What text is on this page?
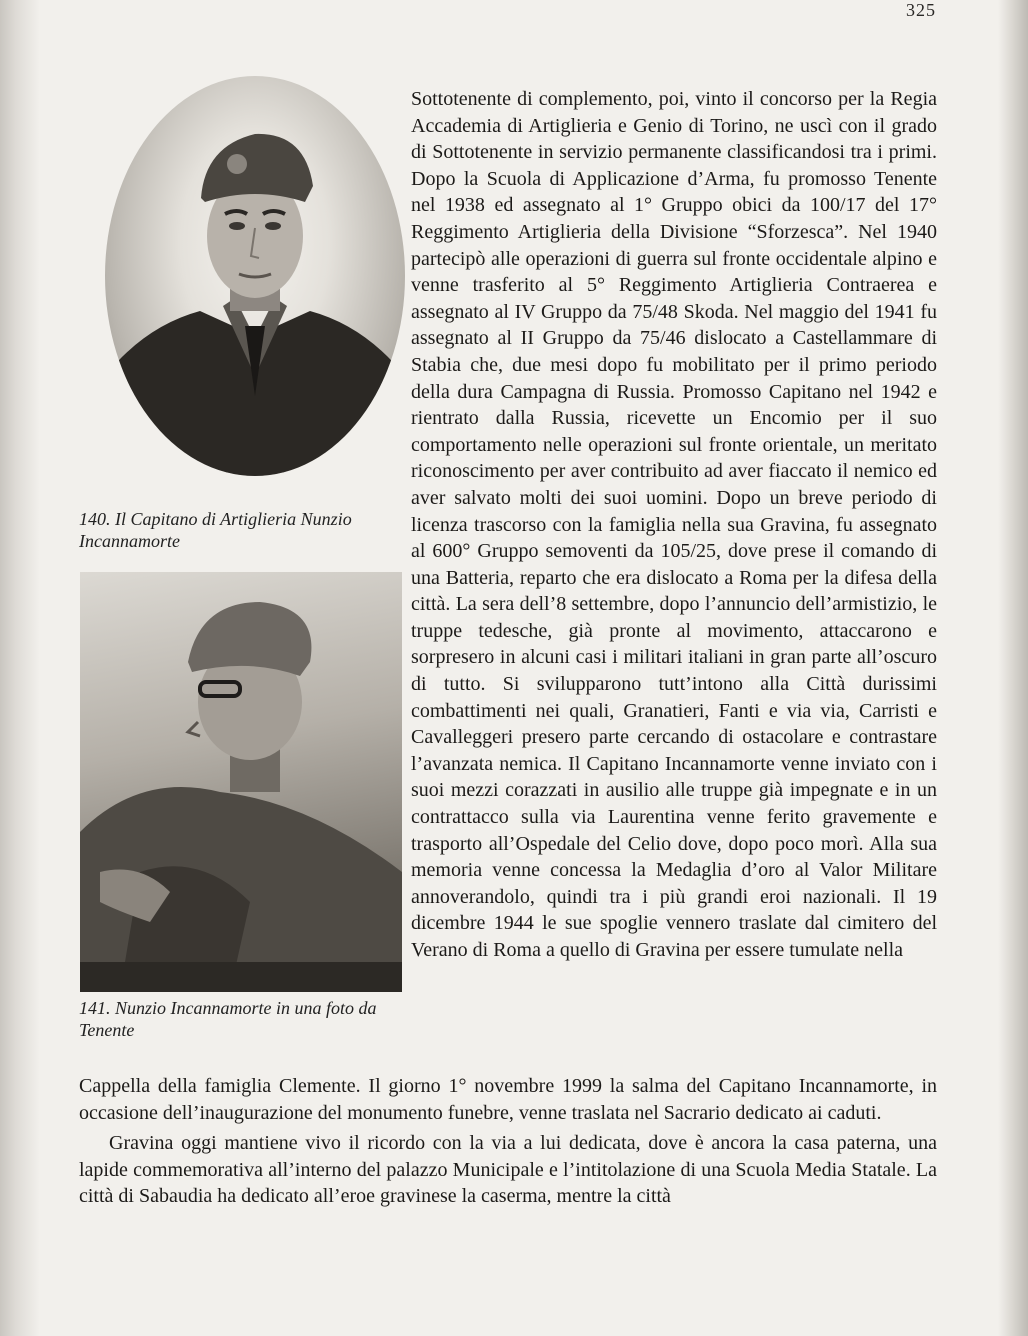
325
140. Il Capitano di Artiglieria Nunzio Incannamorte
141. Nunzio Incannamorte in una foto da Tenente

Sottotenente di complemento, poi, vinto il concorso per la Regia Accademia di Artiglieria e Genio di Torino, ne uscì con il grado di Sottotenente in servizio permanente classificandosi tra i primi. Dopo la Scuola di Applicazione d’Arma, fu promosso Tenente nel 1938 ed assegnato al 1° Gruppo obici da 100/17 del 17° Reggimento Artiglieria della Divisione “Sforzesca”. Nel 1940 partecipò alle operazioni di guerra sul fronte occidentale alpino e venne trasferito al 5° Reggimento Artiglieria Contraerea e assegnato al IV Gruppo da 75/48 Skoda. Nel maggio del 1941 fu assegnato al II Gruppo da 75/46 dislocato a Castellammare di Stabia che, due mesi dopo fu mobilitato per il primo periodo della dura Campagna di Russia. Promosso Capitano nel 1942 e rientrato dalla Russia, ricevette un Encomio per il suo comportamento nelle operazioni sul fronte orientale, un meritato riconoscimento per aver contribuito ad aver fiaccato il nemico ed aver salvato molti dei suoi uomini. Dopo un breve periodo di licenza trascorso con la famiglia nella sua Gravina, fu assegnato al 600° Gruppo semoventi da 105/25, dove prese il comando di una Batteria, reparto che era dislocato a Roma per la difesa della città. La sera dell’8 settembre, dopo l’annuncio dell’armistizio, le truppe tedesche, già pronte al movimento, attaccarono e sorpresero in alcuni casi i militari italiani in gran parte all’oscuro di tutto. Si svilupparono tutt’intono alla Città durissimi combattimenti nei quali, Granatieri, Fanti e via via, Carristi e Cavalleggeri presero parte cercando di ostacolare e contrastare l’avanzata nemica. Il Capitano Incannamorte venne inviato con i suoi mezzi corazzati in ausilio alle truppe già impegnate e in un contrattacco sulla via Laurentina venne ferito gravemente e trasporto all’Ospedale del Celio dove, dopo poco morì. Alla sua memoria venne concessa la Medaglia d’oro al Valor Militare annoverandolo, quindi tra i più grandi eroi nazionali. Il 19 dicembre 1944 le sue spoglie vennero traslate dal cimitero del Verano di Roma a quello di Gravina per essere tumulate nella

Cappella della famiglia Clemente. Il giorno 1° novembre 1999 la salma del Capitano Incannamorte, in occasione dell’inaugurazione del monumento funebre, venne traslata nel Sacrario dedicato ai caduti.

Gravina oggi mantiene vivo il ricordo con la via a lui dedicata, dove è ancora la casa paterna, una lapide commemorativa all’interno del palazzo Municipale e l’intitolazione di una Scuola Media Statale. La città di Sabaudia ha dedicato all’eroe gravinese la caserma, mentre la città
